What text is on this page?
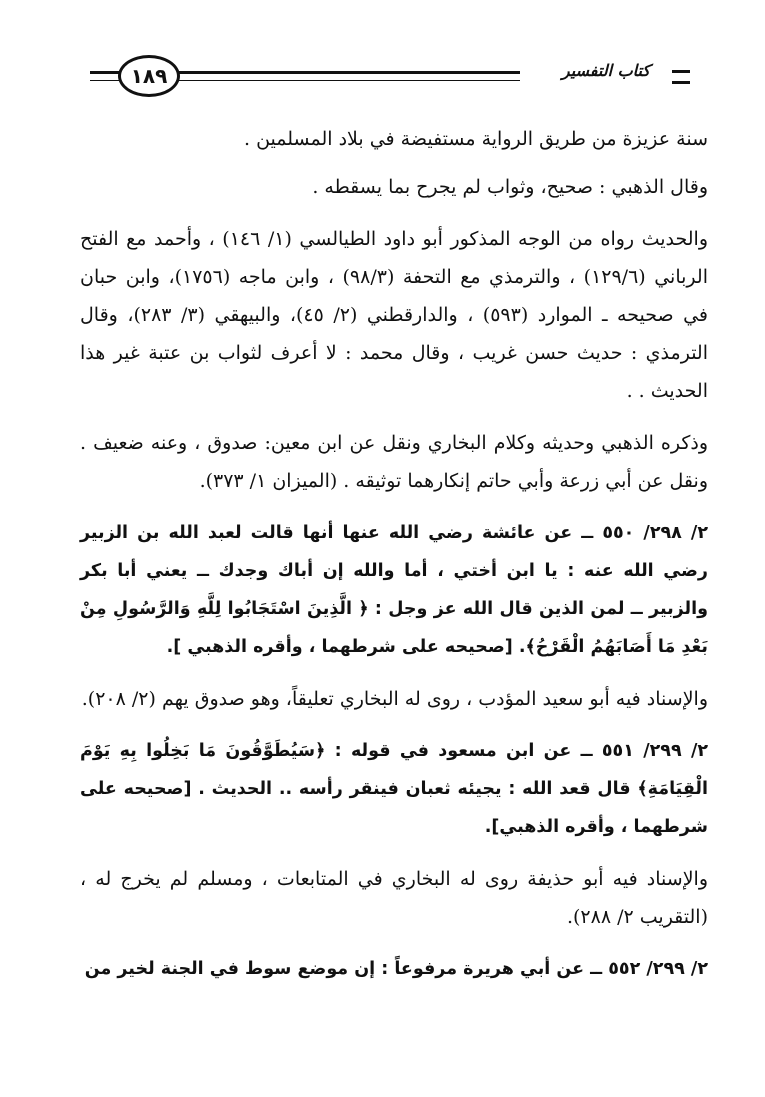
١٨٩	كتاب التفسير

سنة عزيزة من طريق الرواية مستفيضة في بلاد المسلمين .

وقال الذهبي : صحيح، وثواب لم يجرح بما يسقطه .

والحديث رواه من الوجه المذكور أبو داود الطيالسي (١/ ١٤٦) ، وأحمد مع الفتح الرباني (١٢٩/٦) ، والترمذي مع التحفة (٩٨/٣) ، وابن ماجه (١٧٥٦)، وابن حبان في صحيحه ـ الموارد (٥٩٣) ، والدارقطني (٢/ ٤٥)، والبيهقي (٣/ ٢٨٣)، وقال الترمذي : حديث حسن غريب ، وقال محمد : لا أعرف لثواب بن عتبة غير هذا الحديث . .

وذكره الذهبي وحديثه وكلام البخاري ونقل عن ابن معين: صدوق ، وعنه ضعيف . ونقل عن أبي زرعة وأبي حاتم إنكارهما توثيقه . (الميزان ١/ ٣٧٣).

٢/ ٢٩٨/ ٥٥٠ ــ عن عائشة رضي الله عنها أنها قالت لعبد الله بن الزبير رضي الله عنه : يا ابن أختي ، أما والله إن أباك وجدك ــ يعني أبا بكر والزبير ــ لمن الذين قال الله عز وجل : ﴿ الَّذِينَ اسْتَجَابُوا لِلَّهِ وَالرَّسُولِ مِنْ بَعْدِ مَا أَصَابَهُمُ الْقَرْحُ﴾. [صحيحه على شرطهما ، وأقره الذهبي ].

والإسناد فيه أبو سعيد المؤدب ، روى له البخاري تعليقاً، وهو صدوق يهم (٢/ ٢٠٨).

٢/ ٢٩٩/ ٥٥١ ــ عن ابن مسعود في قوله : ﴿سَيُطَوَّقُونَ مَا بَخِلُوا بِهِ يَوْمَ الْقِيَامَةِ﴾ قال قعد الله : يجيئه ثعبان فينقر رأسه .. الحديث . [صحيحه على شرطهما ، وأقره الذهبي].

والإسناد فيه أبو حذيفة روى له البخاري في المتابعات ، ومسلم لم يخرج له ، (التقريب ٢/ ٢٨٨).

٢/ ٢٩٩/ ٥٥٢ ــ عن أبي هريرة مرفوعاً : إن موضع سوط في الجنة لخير من
